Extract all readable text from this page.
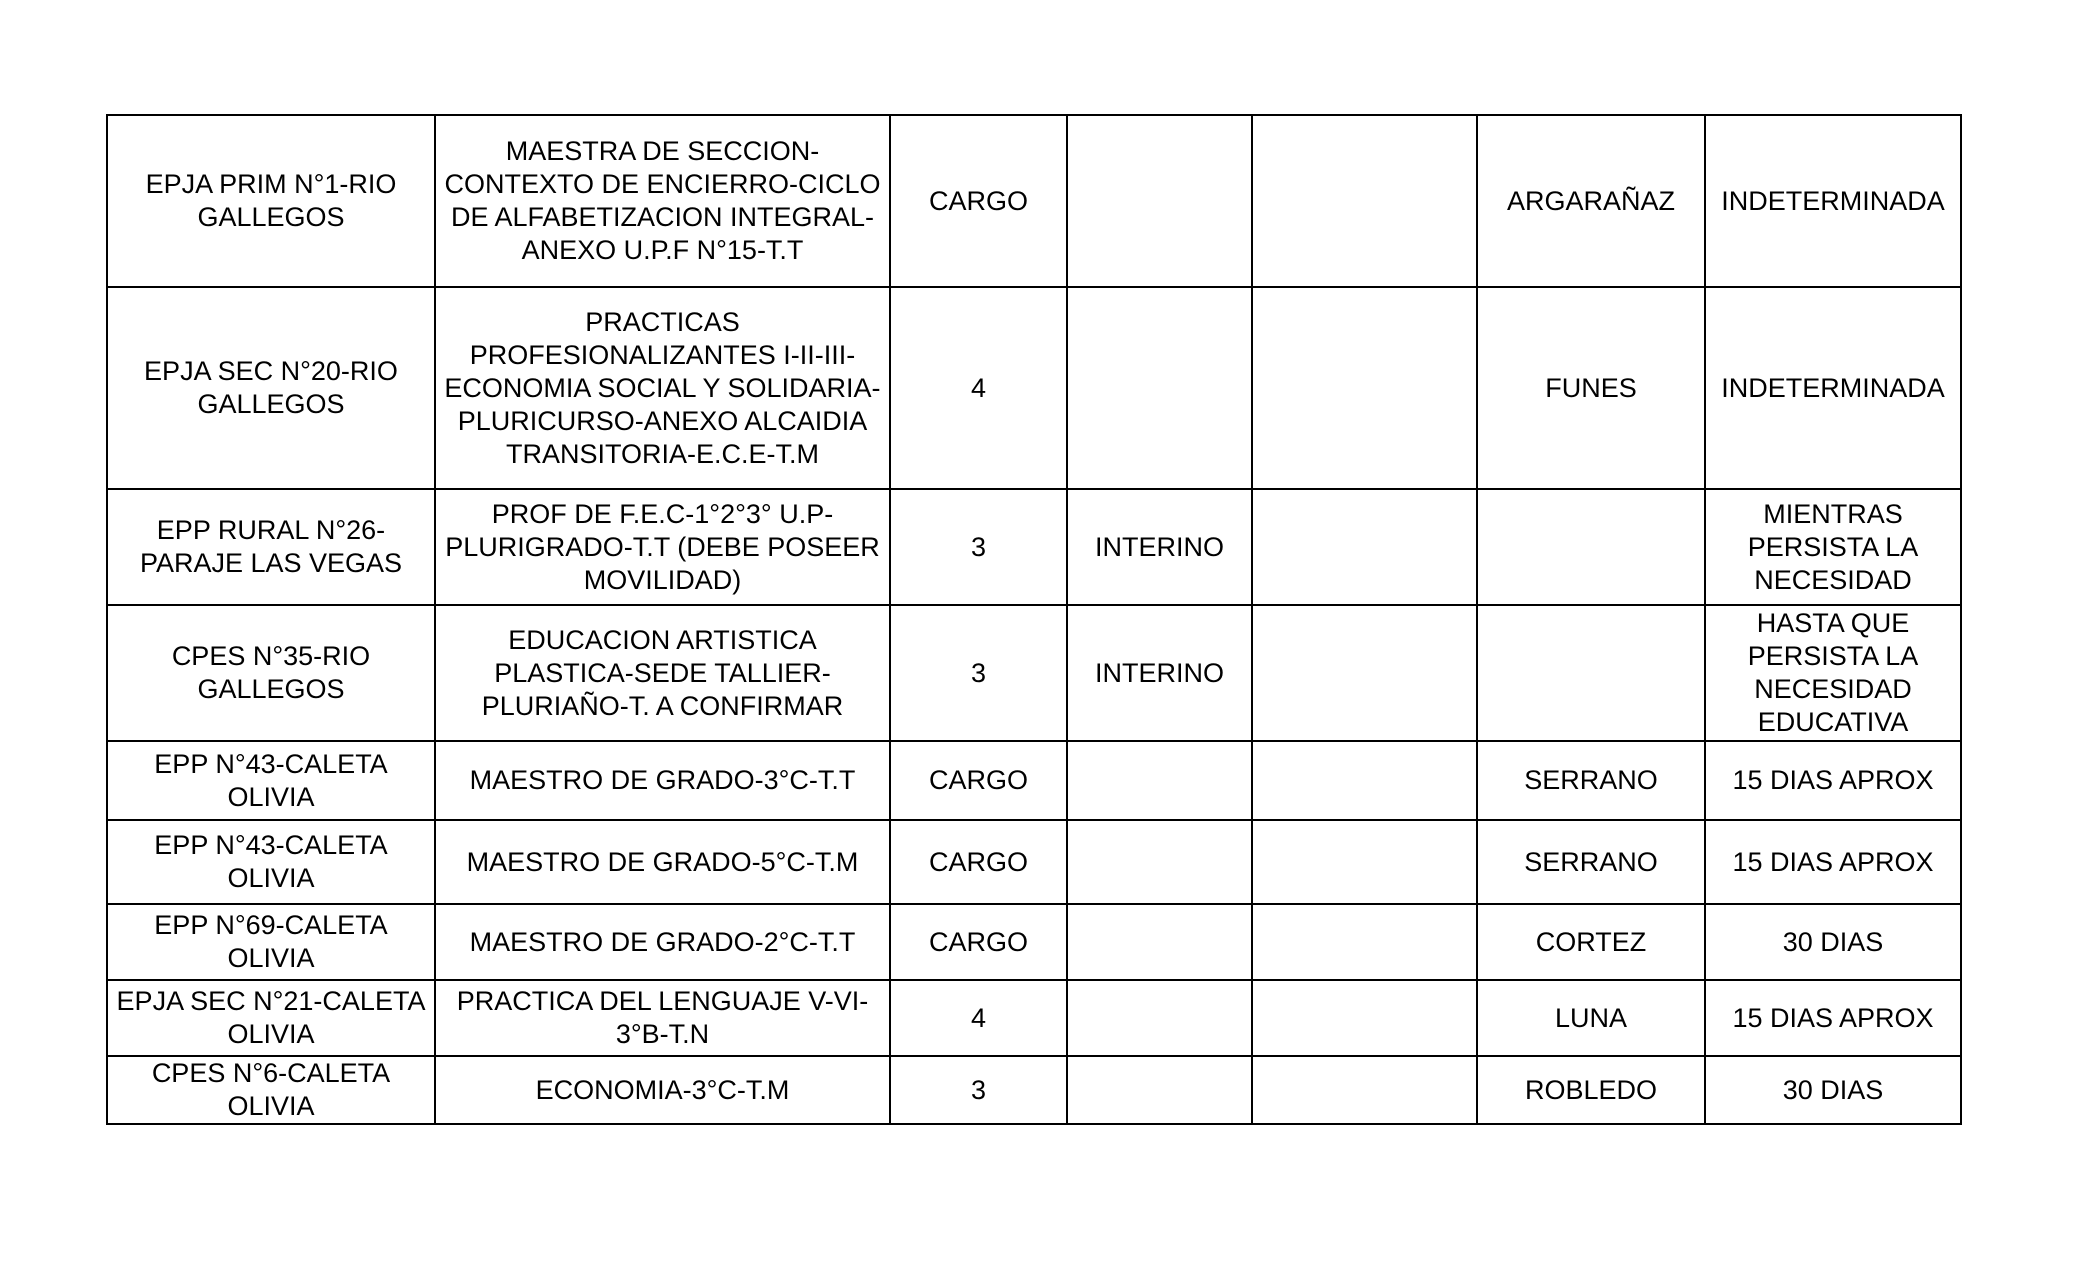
EPJA PRIM N°1-RIO GALLEGOS	MAESTRA DE SECCION-
CONTEXTO DE ENCIERRO-CICLO
DE ALFABETIZACION INTEGRAL-
ANEXO U.P.F N°15-T.T	CARGO			ARGARAÑAZ	INDETERMINADA
EPJA SEC N°20-RIO GALLEGOS	PRACTICAS
PROFESIONALIZANTES I-II-III-
ECONOMIA SOCIAL Y SOLIDARIA-
PLURICURSO-ANEXO ALCAIDIA
TRANSITORIA-E.C.E-T.M	4			FUNES	INDETERMINADA
EPP RURAL N°26-
PARAJE LAS VEGAS	PROF DE F.E.C-1°2°3° U.P-
PLURIGRADO-T.T (DEBE POSEER
MOVILIDAD)	3	INTERINO			MIENTRAS
PERSISTA LA
NECESIDAD
CPES N°35-RIO GALLEGOS	EDUCACION ARTISTICA
PLASTICA-SEDE TALLIER-
PLURIAÑO-T. A CONFIRMAR	3	INTERINO			HASTA QUE
PERSISTA LA
NECESIDAD
EDUCATIVA
EPP N°43-CALETA
OLIVIA	MAESTRO DE GRADO-3°C-T.T	CARGO			SERRANO	15 DIAS APROX
EPP N°43-CALETA
OLIVIA	MAESTRO DE GRADO-5°C-T.M	CARGO			SERRANO	15 DIAS APROX
EPP N°69-CALETA
OLIVIA	MAESTRO DE GRADO-2°C-T.T	CARGO			CORTEZ	30 DIAS
EPJA SEC N°21-CALETA
OLIVIA	PRACTICA DEL LENGUAJE V-VI-
3°B-T.N	4			LUNA	15 DIAS APROX
CPES N°6-CALETA
OLIVIA	ECONOMIA-3°C-T.M	3			ROBLEDO	30 DIAS
